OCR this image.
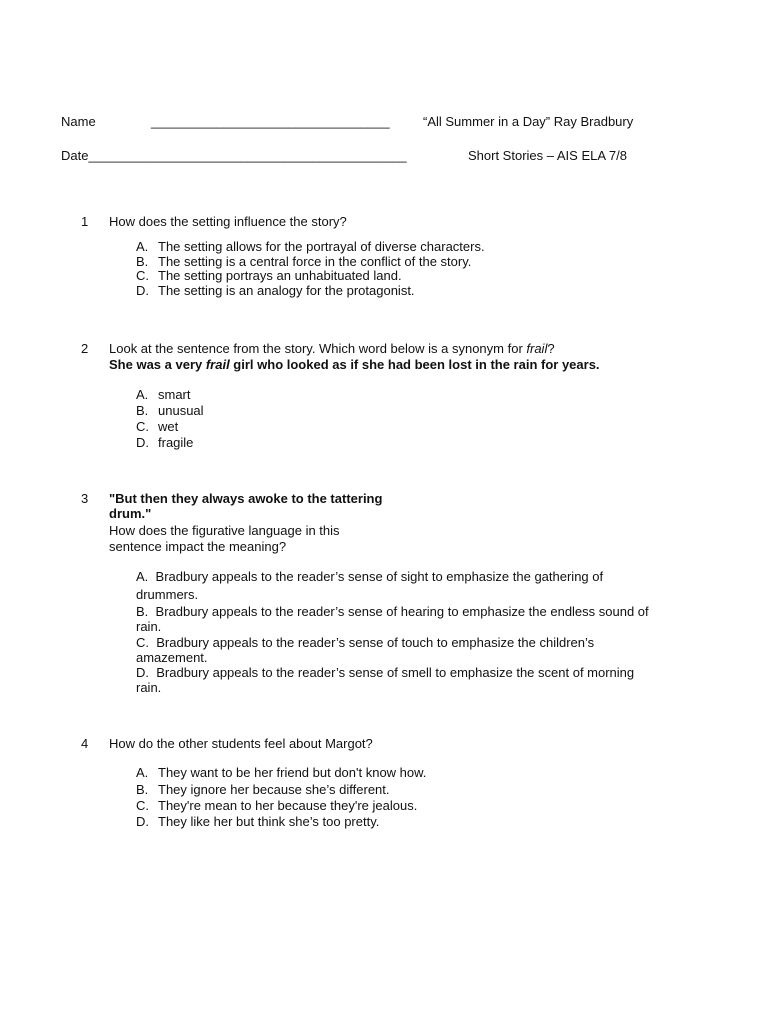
Name	_________________________________	“All Summer in a Day” Ray Bradbury
Date____________________________________________	Short Stories – AIS ELA 7/8
1 How does the setting influence the story?
A. The setting allows for the portrayal of diverse characters.
B. The setting is a central force in the conflict of the story.
C. The setting portrays an unhabituated land.
D. The setting is an analogy for the protagonist.
2 Look at the sentence from the story. Which word below is a synonym for frail?
She was a very frail girl who looked as if she had been lost in the rain for years.
A. smart
B. unusual
C. wet
D. fragile
3 "But then they always awoke to the tattering
drum."
How does the figurative language in this
sentence impact the meaning?
A. Bradbury appeals to the reader’s sense of sight to emphasize the gathering of drummers.
B. Bradbury appeals to the reader’s sense of hearing to emphasize the endless sound of rain.
C. Bradbury appeals to the reader’s sense of touch to emphasize the children’s amazement.
D. Bradbury appeals to the reader’s sense of smell to emphasize the scent of morning rain.
4 How do the other students feel about Margot?
A. They want to be her friend but don't know how.
B. They ignore her because she’s different.
C. They're mean to her because they're jealous.
D. They like her but think she’s too pretty.
